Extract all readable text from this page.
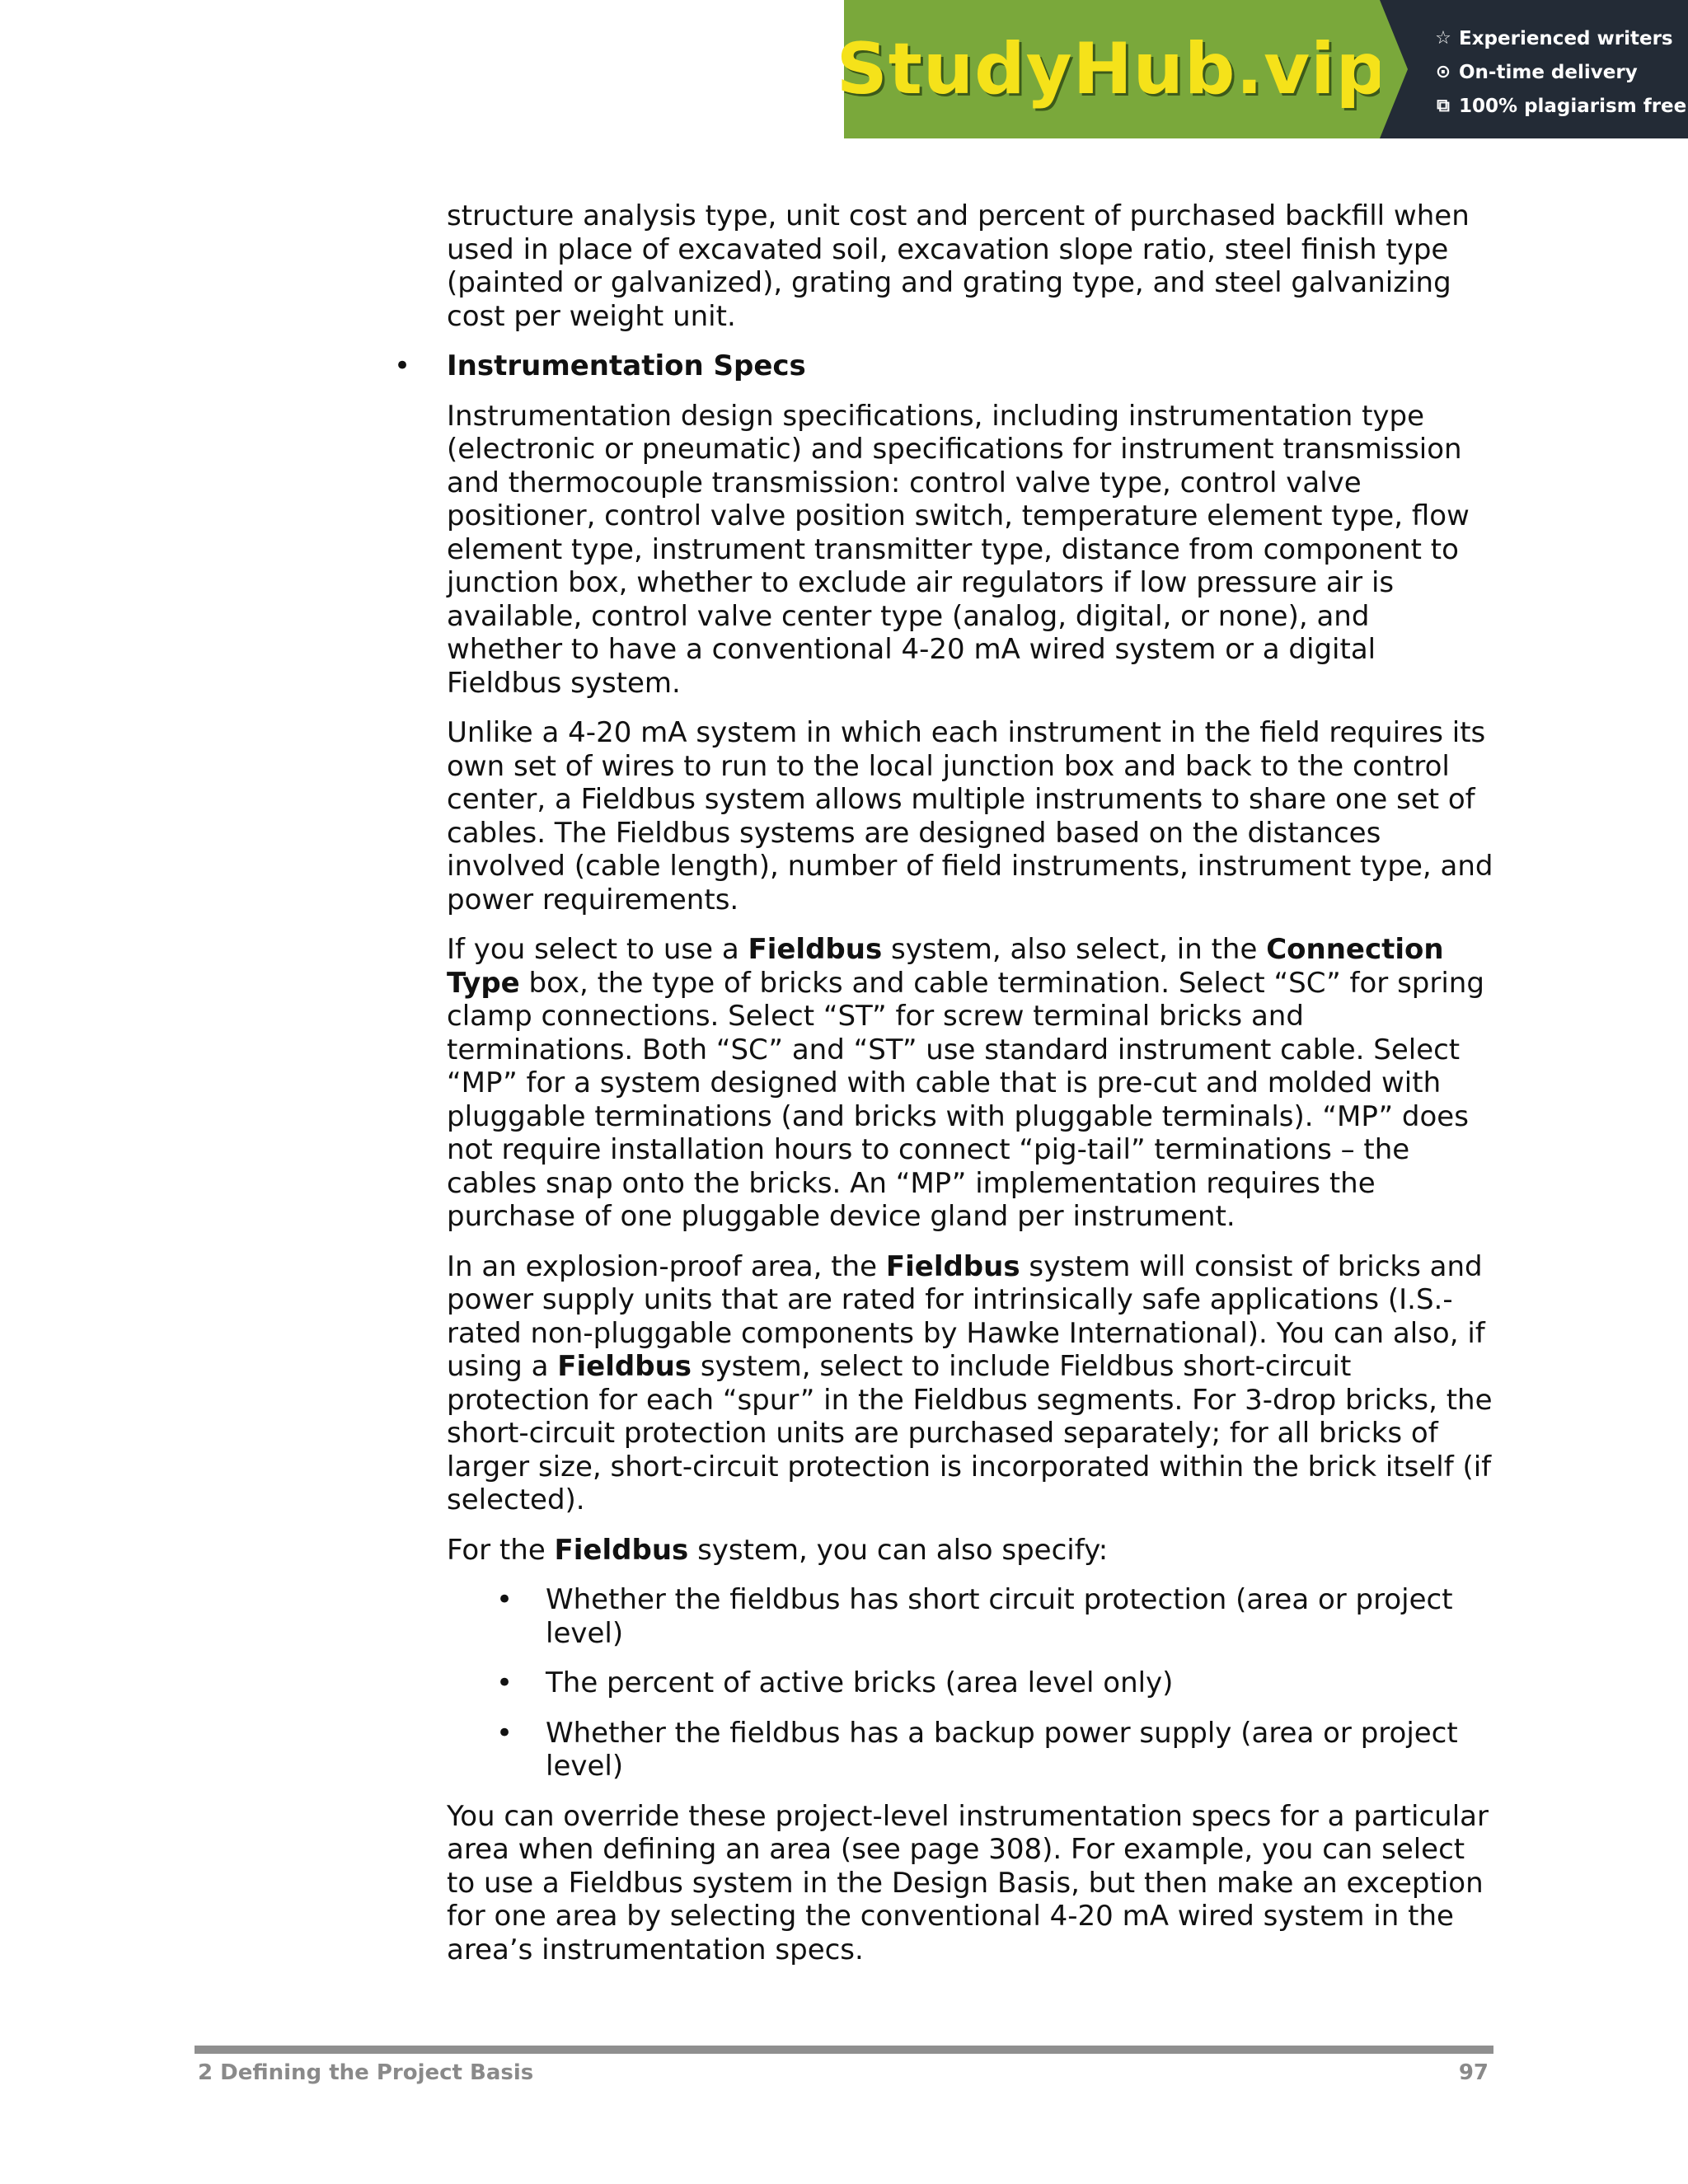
StudyHub.vip	☆ Experienced writers
⊙ On-time delivery
⧉ 100% plagiarism free

structure analysis type, unit cost and percent of purchased backfill when used in place of excavated soil, excavation slope ratio, steel finish type (painted or galvanized), grating and grating type, and steel galvanizing cost per weight unit.

• Instrumentation Specs

Instrumentation design specifications, including instrumentation type (electronic or pneumatic) and specifications for instrument transmission and thermocouple transmission: control valve type, control valve positioner, control valve position switch, temperature element type, flow element type, instrument transmitter type, distance from component to junction box, whether to exclude air regulators if low pressure air is available, control valve center type (analog, digital, or none), and whether to have a conventional 4-20 mA wired system or a digital Fieldbus system.

Unlike a 4-20 mA system in which each instrument in the field requires its own set of wires to run to the local junction box and back to the control center, a Fieldbus system allows multiple instruments to share one set of cables. The Fieldbus systems are designed based on the distances involved (cable length), number of field instruments, instrument type, and power requirements.

If you select to use a Fieldbus system, also select, in the Connection Type box, the type of bricks and cable termination. Select “SC” for spring clamp connections. Select “ST” for screw terminal bricks and terminations. Both “SC” and “ST” use standard instrument cable. Select “MP” for a system designed with cable that is pre-cut and molded with pluggable terminations (and bricks with pluggable terminals). “MP” does not require installation hours to connect “pig-tail” terminations – the cables snap onto the bricks. An “MP” implementation requires the purchase of one pluggable device gland per instrument.

In an explosion-proof area, the Fieldbus system will consist of bricks and power supply units that are rated for intrinsically safe applications (I.S.-rated non-pluggable components by Hawke International). You can also, if using a Fieldbus system, select to include Fieldbus short-circuit protection for each “spur” in the Fieldbus segments. For 3-drop bricks, the short-circuit protection units are purchased separately; for all bricks of larger size, short-circuit protection is incorporated within the brick itself (if selected).

For the Fieldbus system, you can also specify:

• Whether the fieldbus has short circuit protection (area or project level)
• The percent of active bricks (area level only)
• Whether the fieldbus has a backup power supply (area or project level)

You can override these project-level instrumentation specs for a particular area when defining an area (see page 308). For example, you can select to use a Fieldbus system in the Design Basis, but then make an exception for one area by selecting the conventional 4-20 mA wired system in the area’s instrumentation specs.

2 Defining the Project Basis	97
